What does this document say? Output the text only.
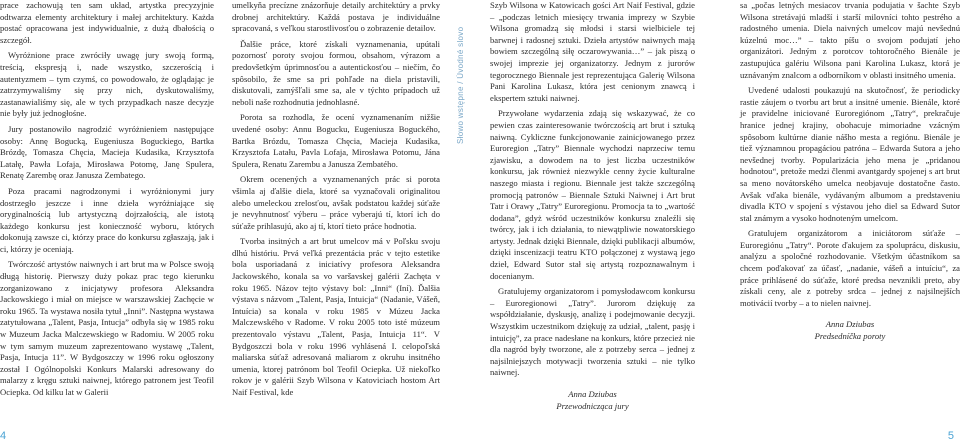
prace zachowują ten sam układ, artystka precyzyjnie odtwarza elementy architektury i małej architektury. Każda postać opracowana jest indywidualnie, z dużą dbałością o szczegół.

Wyróżnione prace zwróciły uwagę jury swoją formą, treścią, ekspresją i, nade wszystko, szczerością i autentyzmem – tym czymś, co powodowało, że oglądając je zatrzymywaliśmy się przy nich, dyskutowaliśmy, zastanawialiśmy się, ale w tych przypadkach nasze decyzje nie były już jednogłośne.

Jury postanowiło nagrodzić wyróżnieniem następujące osoby: Annę Bogucką, Eugeniusza Boguckiego, Bartka Brózdę, Tomasza Chęcia, Macieja Kudasika, Krzysztofa Latałę, Pawła Lofaja, Mirosława Potomę, Janę Spulera, Renatę Zarembę oraz Janusza Zembatego.

Poza pracami nagrodzonymi i wyróżnionymi jury dostrzegło jeszcze i inne dzieła wyróżniające się oryginalnością lub artystyczną dojrzałością, ale istotą każdego konkursu jest konieczność wyboru, których dokonują zawsze ci, którzy prace do konkursu zgłaszają, jak i ci, którzy je oceniają.

Twórczość artystów naiwnych i art brut ma w Polsce swoją długą historię. Pierwszy duży pokaz prac tego kierunku zorganizowano z inicjatywy profesora Aleksandra Jackowskiego i miał on miejsce w warszawskiej Zachęcie w roku 1965. Ta wystawa nosiła tytuł „Inni”. Następna wystawa zatytułowana „Talent, Pasja, Intucja” odbyła się w 1985 roku w Muzeum Jacka Malczewskiego w Radomiu. W 2005 roku w tym samym muzeum zaprezentowano wystawę „Talent, Pasja, Intucja 11”. W Bydgoszczy w 1996 roku ogłoszony został I Ogólnopolski Konkurs Malarski adresowany do malarzy z kręgu sztuki naiwnej, którego patronem jest Teofil Ociepka. Od kilku lat w Galerii

umelkyňa precízne znázorňuje detaily architektúry a prvky drobnej architektúry. Každá postava je individuálne spracovaná, s veľkou starostlivosťou o zobrazenie detailov.

Ďalšie práce, ktoré získali vyznamenania, upútali pozornosť poroty svojou formou, obsahom, výrazom a predovšetkým úprimnosťou a autentickosťou – niečím, čo spôsobilo, že sme sa pri pohľade na diela pristavili, diskutovali, zamýšľali sme sa, ale v týchto prípadoch už neboli naše rozhodnutia jednohlasné.

Porota sa rozhodla, že ocení vyznamenaním nižšie uvedené osoby: Annu Bogucku, Eugeniusza Boguckého, Bartka Brózdu, Tomasza Chęcia, Macieja Kudasika, Krzysztofa Latału, Pavla Lofaja, Mirosława Potomu, Jána Spulera, Renatu Zarembu a Janusza Zembatého.

Okrem ocenených a vyznamenaných prác si porota všimla aj ďalšie diela, ktoré sa vyznačovali originalitou alebo umeleckou zrelosťou, avšak podstatou každej súťaže je nevyhnutnosť výberu – práce vyberajú tí, ktorí ich do súťaže prihlasujú, ako aj tí, ktorí tieto práce hodnotia.

Tvorba insitných a art brut umelcov má v Poľsku svoju dlhú históriu. Prvá veľká prezentácia prác v tejto estetike bola usporiadaná z iniciatívy profesora Aleksandra Jackowského, konala sa vo varšavskej galérii Zachęta v roku 1965. Názov tejto výstavy bol: „Inni“ (Iní). Ďalšia výstava s názvom „Talent, Pasja, Intuicja“ (Nadanie, Vášeň, Intuícia) sa konala v roku 1985 v Múzeu Jacka Malczewského v Radome. V roku 2005 toto isté múzeum prezentovalo výstavu „Talent, Pasja, Intuicja 11“. V Bydgoszczi bola v roku 1996 vyhlásená I. celopoľská maliarska súťaž adresovaná maliarom z okruhu insitného umenia, ktorej patrónom bol Teofil Ociepka. Už niekoľko rokov je v galérii Szyb Wilsona v Katoviciach hostom Art Naif Festival, kde

Słowo wstępne / Úvodné slovo

Szyb Wilsona w Katowicach gości Art Naif Festival, gdzie – „podczas letnich miesięcy trwania imprezy w Szybie Wilsona gromadzą się młodsi i starsi wielbiciele tej barwnej i radosnej sztuki. Dzieła artystów naiwnych mają bowiem szczególną siłę oczarowywania…” – jak piszą o swojej imprezie jej organizatorzy. Jednym z jurorów tegorocznego Biennale jest reprezentująca Galerię Wilsona Pani Karolina Lukasz, która jest cenionym znawcą i ekspertem sztuki naiwnej.

Przywołane wydarzenia zdają się wskazywać, że co pewien czas zainteresowanie twórczością art brut i sztuką naiwną. Cykliczne funkcjonowanie zainicjowanego przez Euroregion „Tatry” Biennale wychodzi naprzeciw temu zjawisku, a dowodem na to jest liczba uczestników konkursu, jak również niezwykle cenny życie kulturalne naszego miasta i regionu. Biennale jest także szczególną promocją patronów – Biennale Sztuki Naiwnej i Art brut Tatr i Orawy „Tatry” Euroregionu. Promocja ta to „wartość dodana”, gdyż wśród uczestników konkursu znaleźli się twórcy, jak i ich działania, to niewątpliwie nowatorskiego artysty. Jednak dzięki Biennale, dzięki publikacji albumów, dzięki inscenizacji teatru KTO połączonej z wystawą jego dzieł, Edward Sutor stał się artystą rozpoznawalnym i docenianym.

Gratulujemy organizatorom i pomysłodawcom konkursu – Euroregionowi „Tatry”. Jurorom dziękuję za współdziałanie, dyskusję, analizę i podejmowanie decyzji. Wszystkim uczestnikom dziękuję za udział, „talent, pasję i intuicję”, za prace nadesłane na konkurs, które przecież nie dla nagród były tworzone, ale z potrzeby serca – jednej z najsilniejszych motywacji tworzenia sztuki – nie tylko naiwnej.

Anna Dziubas
Przewodnicząca jury

sa „počas letných mesiacov trvania podujatia v šachte Szyb Wilsona stretávajú mladší i starší milovníci tohto pestrého a radostného umenia. Diela naivných umelcov majú nevšednú kúzelnú moc…” – takto píšu o svojom podujatí jeho organizátori. Jedným z porotcov tohtoročného Bienále je zastupujúca galériu Wilsona pani Karolina Lukasz, ktorá je uznávaným znalcom a odborníkom v oblasti insitného umenia.

Uvedené udalosti poukazujú na skutočnosť, že periodicky rastie záujem o tvorbu art brut a insitné umenie. Bienále, ktoré je pravidelne iniciované Euroregiónom „Tatry“, prekračuje hranice jednej krajiny, obohacuje mimoriadne vzácným spôsobom kultúrne dianie nášho mesta a regiónu. Bienále je tiež významnou propagáciou patróna – Edwarda Sutora a jeho nevšednej tvorby. Popularizácia jeho mena je „pridanou hodnotou“, pretože medzi členmi avantgardy spojenej s art brut sa meno novátorského umelca neobjavuje dostatočne často. Avšak vďaka bienále, vydávaným albumom a predstaveniu divadla KTO v spojení s výstavou jeho diel sa Edward Sutor stal známym a vysoko hodnoteným umelcom.

Gratulujem organizátorom a iniciátorom súťaže – Euroregiónu „Tatry“. Porote ďakujem za spoluprácu, diskusiu, analýzu a spoločné rozhodovanie. Všetkým účastníkom sa chcem poďakovať za účasť, „nadanie, vášeň a intuíciu“, za práce prihlásené do súťaže, ktoré predsa nevznikli preto, aby získali ceny, ale z potreby srdca – jednej z najsilnejších motivácií tvorby – a to nielen naivnej.

Anna Dziubas
Predsedníčka poroty
4	5
